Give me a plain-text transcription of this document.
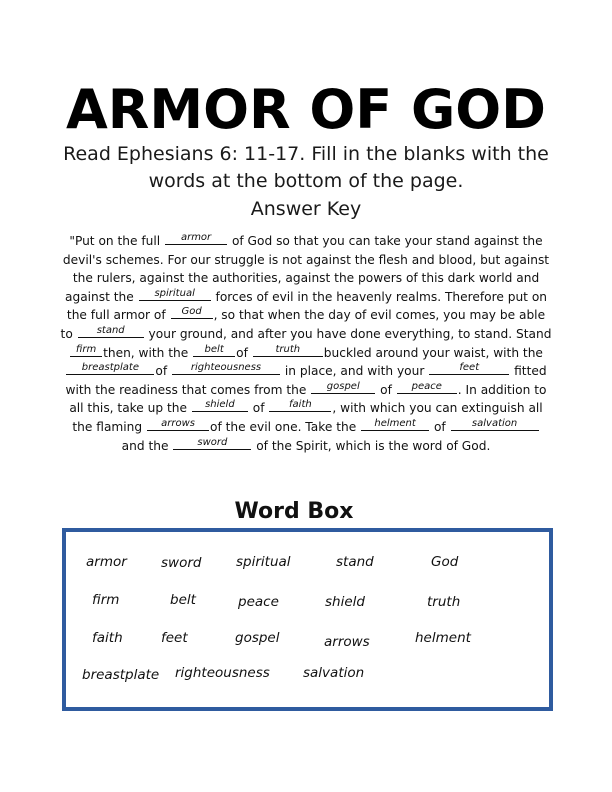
ARMOR OF GOD
Read Ephesians 6: 11-17. Fill in the blanks with the
words at the bottom of the page.
Answer Key
"Put on the full	armor	of God so that you can take your stand against the devil's schemes. For our struggle is not against the flesh and blood, but against the rulers, against the authorities, against the powers of this dark world and against the	spiritual	forces of evil in the heavenly realms. Therefore put on the full armor of	God , so that when the day of evil comes, you may be able to	stand	your ground, and after you have done everything, to stand. Stand
firm then, with the	belt	of	truth	buckled around your waist, with the
breastplate	of	righteousness	in place, and with your	feet	fitted with the readiness that comes from the	gospel	of	peace	. In addition to all this, take up the	shield	of	faith	, with which you can extinguish all the flaming	arrows	of the evil one. Take the	helment	of	salvation
and the	sword	of the Spirit, which is the word of God.
Word Box
armor	sword	spiritual	stand	God
firm	belt	peace	shield	truth
faith	feet	gospel	arrows	helment
breastplate righteousness salvation
